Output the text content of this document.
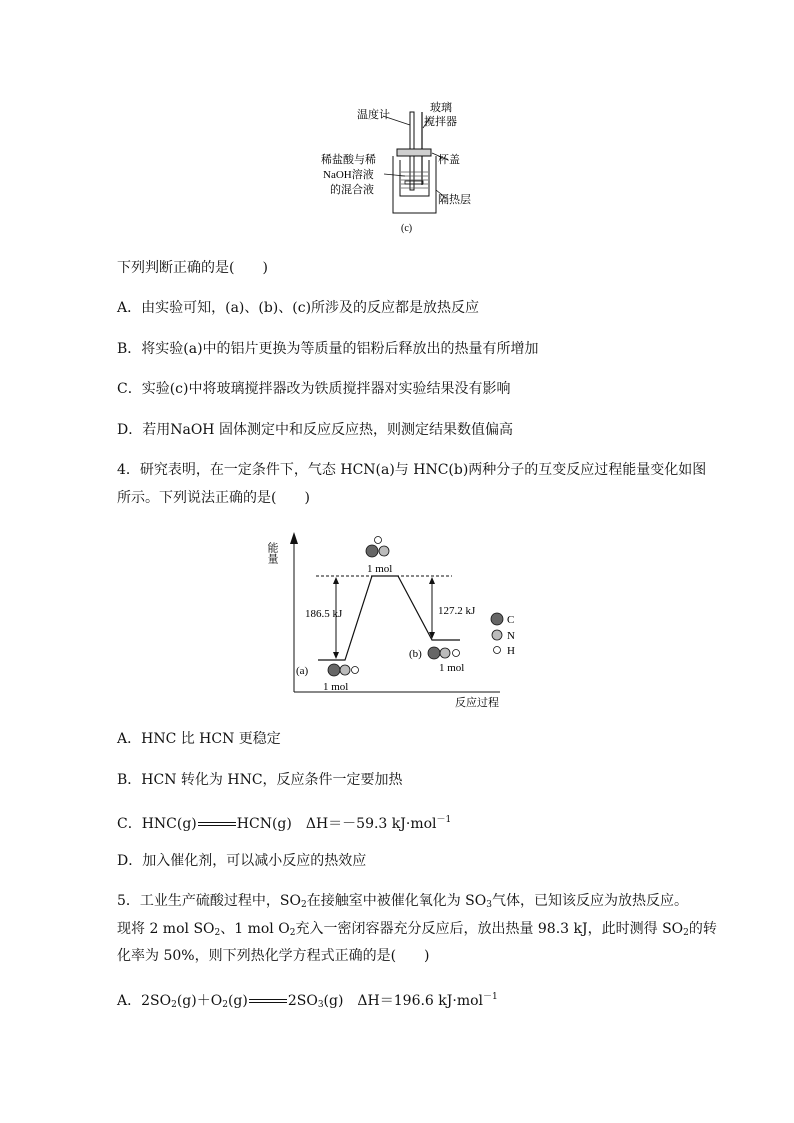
温度计
玻璃
搅拌器
杯盖
稀盐酸与稀
NaOH溶液
的混合液
隔热层
(c)
下列判断正确的是(　　)
A．由实验可知，(a)、(b)、(c)所涉及的反应都是放热反应
B．将实验(a)中的铝片更换为等质量的铝粉后释放出的热量有所增加
C．实验(c)中将玻璃搅拌器改为铁质搅拌器对实验结果没有影响
D．若用NaOH 固体测定中和反应反应热，则测定结果数值偏高
4．研究表明，在一定条件下，气态 HCN(a)与 HNC(b)两种分子的互变反应过程能量变化如图
所示。下列说法正确的是(　　)
能量
反应过程
186.5 kJ	127.2 kJ
1 mol
(a)
1 mol
(b)
1 mol
C
N
H
A．HNC 比 HCN 更稳定
B．HCN 转化为 HNC，反应条件一定要加热
C．HNC(g)	HCN(g)　ΔH＝－59.3 kJ·mol$^{-1}$
D．加入催化剂，可以减小反应的热效应
5．工业生产硫酸过程中，$SO_2$在接触室中被催化氧化为 $SO_3$气体，已知该反应为放热反应。
现将 2 mol $SO_2$、1 mol $O_2$充入一密闭容器充分反应后，放出热量 98.3 kJ，此时测得 $SO_2$的转
化率为 50%，则下列热化学方程式正确的是(　　)
A．$2SO_2(g)+O_2(g)$	$2SO_3(g)$　ΔH＝196.6 kJ·mol$^{-1}$
